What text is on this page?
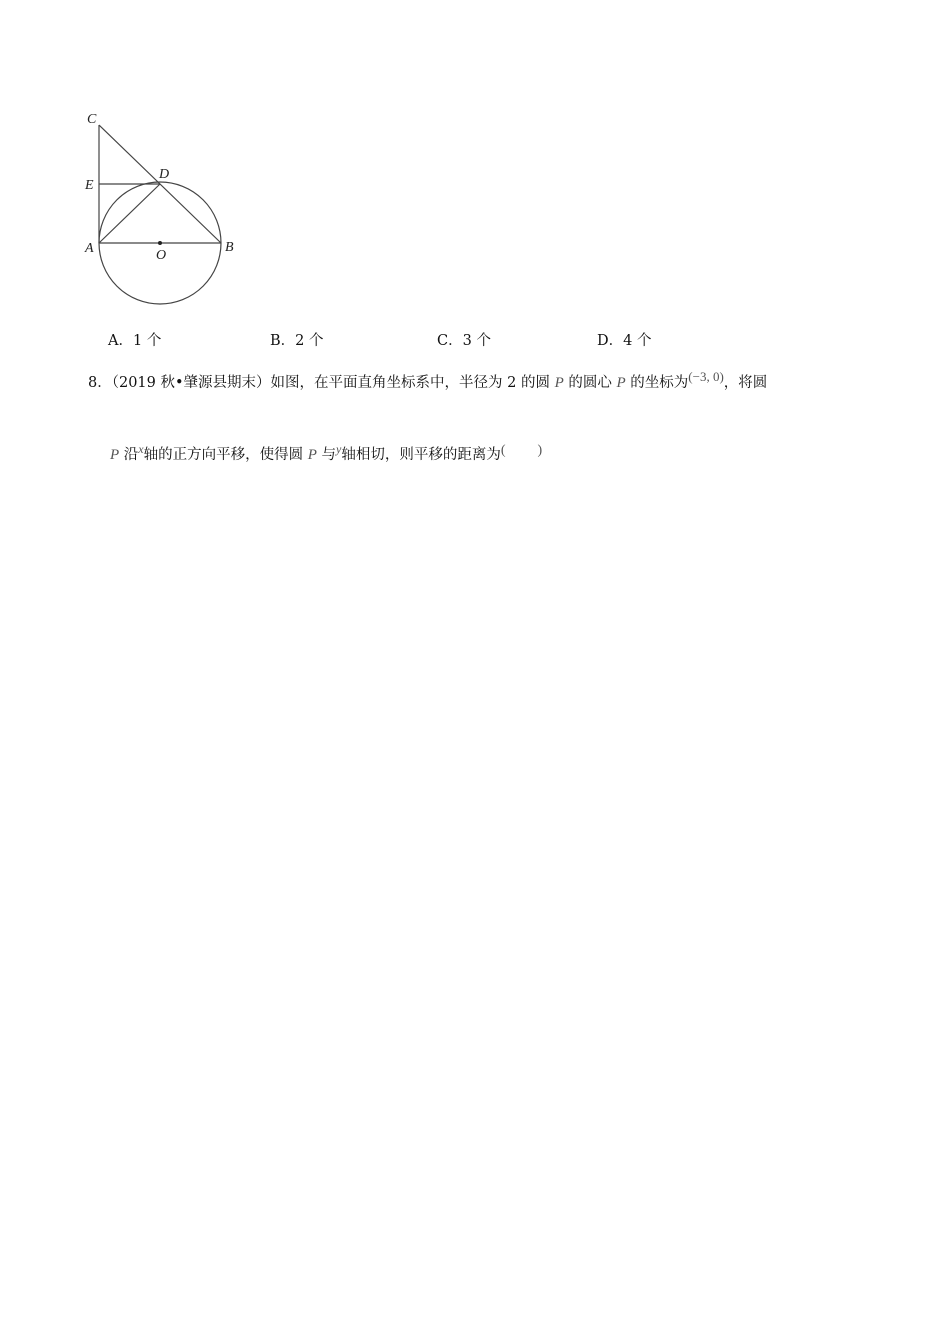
C
E
D
A	O
B
A．1 个	B．2 个	C．3 个	D．4 个
8．（2019 秋•肇源县期末）如图，在平面直角坐标系中，半径为 2 的圆 P 的圆心 P 的坐标为(−3, 0)，将圆
P 沿$^x$轴的正方向平移，使得圆 P 与$^y$轴相切，则平移的距离为( )
